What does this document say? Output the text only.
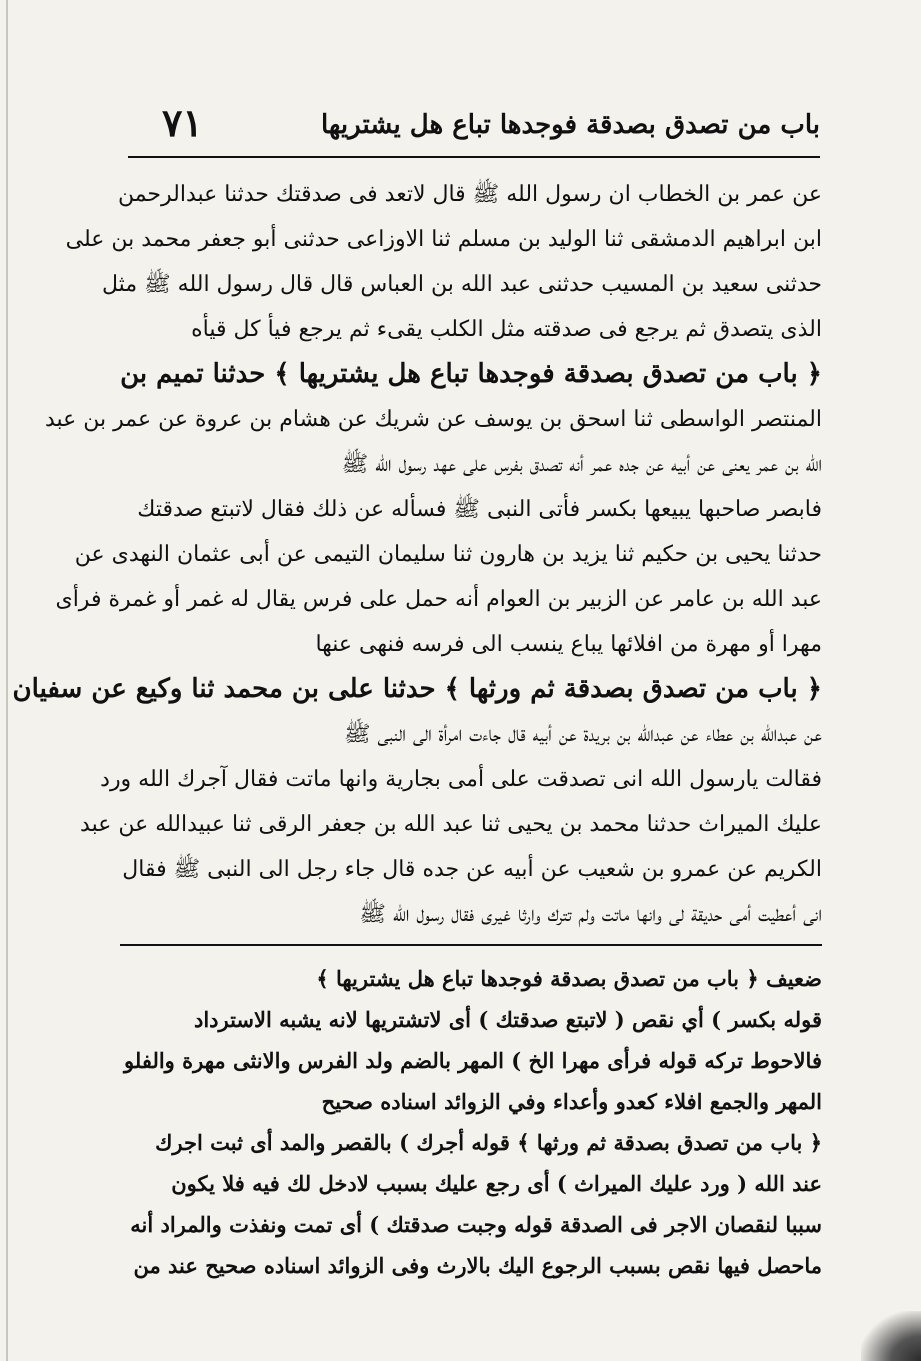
باب من تصدق بصدقة فوجدها تباع هل يشتريها
٧١
عن عمر بن الخطاب ان رسول الله ﷺ قال لاتعد فى صدقتك حدثنا عبدالرحمن
ابن ابراهيم الدمشقى ثنا الوليد بن مسلم ثنا الاوزاعى حدثنى أبو جعفر محمد بن على
حدثنى سعيد بن المسيب حدثنى عبد الله بن العباس قال قال رسول الله ﷺ مثل
الذى يتصدق ثم يرجع فى صدقته مثل الكلب يقىء ثم يرجع فيأ كل قيأه
﴿ باب من تصدق بصدقة فوجدها تباع هل يشتريها ﴾ حدثنا تميم بن
المنتصر الواسطى ثنا اسحق بن يوسف عن شريك عن هشام بن عروة عن عمر بن عبد
الله بن عمر يعنى عن أبيه عن جده عمر أنه تصدق بفرس على عهد رسول الله ﷺ
فابصر صاحبها يبيعها بكسر فأتى النبى ﷺ فسأله عن ذلك فقال لاتبتع صدقتك
حدثنا يحيى بن حكيم ثنا يزيد بن هارون ثنا سليمان التيمى عن أبى عثمان النهدى عن
عبد الله بن عامر عن الزبير بن العوام أنه حمل على فرس يقال له غمر أو غمرة فرأى
مهرا أو مهرة من افلائها يباع ينسب الى فرسه فنهى عنها
﴿ باب من تصدق بصدقة ثم ورثها ﴾ حدثنا على بن محمد ثنا وكيع عن سفيان
عن عبدالله بن عطاء عن عبدالله بن بريدة عن أبيه قال جاءت امرأة الى النبى ﷺ
فقالت يارسول الله انى تصدقت على أمى بجارية وانها ماتت فقال آجرك الله ورد
عليك الميراث حدثنا محمد بن يحيى ثنا عبد الله بن جعفر الرقى ثنا عبيدالله عن عبد
الكريم عن عمرو بن شعيب عن أبيه عن جده قال جاء رجل الى النبى ﷺ فقال
انى أعطيت أمى حديقة لى وانها ماتت ولم تترك وارثا غيرى فقال رسول الله ﷺ
ضعيف ﴿ باب من تصدق بصدقة فوجدها تباع هل يشتريها ﴾
قوله بكسر ) أي نقص ( لاتبتع صدقتك ) أى لاتشتريها لانه يشبه الاسترداد
فالاحوط تركه قوله فرأى مهرا الخ ) المهر بالضم ولد الفرس والانثى مهرة والفلو
المهر والجمع افلاء كعدو وأعداء وفي الزوائد اسناده صحيح
﴿ باب من تصدق بصدقة ثم ورثها ﴾ قوله أجرك ) بالقصر والمد أى ثبت اجرك
عند الله ( ورد عليك الميراث ) أى رجع عليك بسبب لادخل لك فيه فلا يكون
سببا لنقصان الاجر فى الصدقة قوله وجبت صدقتك ) أى تمت ونفذت والمراد أنه
ماحصل فيها نقص بسبب الرجوع اليك بالارث وفى الزوائد اسناده صحيح عند من
